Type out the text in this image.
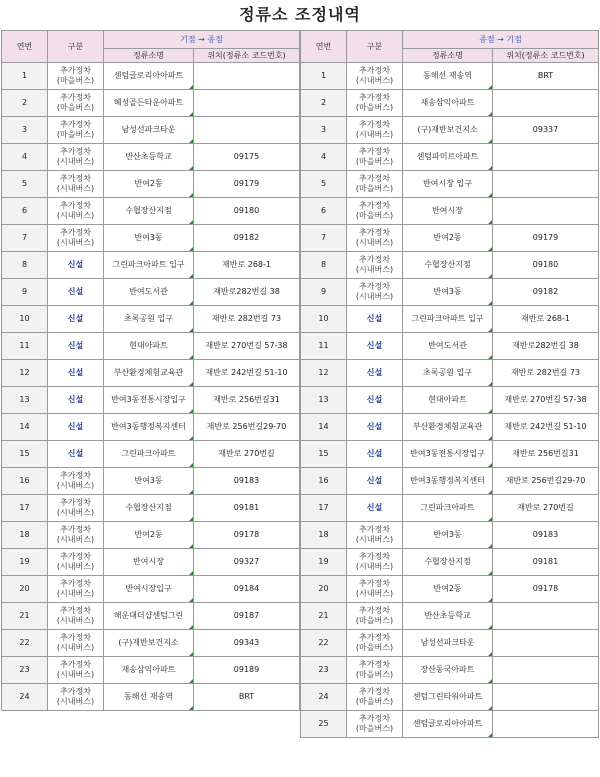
정류소 조정내역
연번	구분	기점 → 종점	
		정류소명	위치(정류소 코드번호)
1	추가정차
(마을버스)	센텀글로리아아파트

2	추가정차
(마을버스)	혜성골든타운아파트

3	추가정차
(마을버스)	남성선파크타운

4	추가정차
(시내버스)	반산초등학교	09175
5	추가정차
(시내버스)	반여2동	09179
6	추가정차
(시내버스)	수협장산지점	09180
7	추가정차
(시내버스)	반여3동	09182
8	신설	그린파크아파트 입구	재반로 268-1
9	신설	반여도서관	재반로282번길 38
10	신설	초록공원 입구	재반로 282번길 73
11	신설	현대아파트	재반로 270번길 57-38
12	신설	부산환경체험교육관	재반로 242번길 51-10
13	신설	반여3동전통시장입구	재반로 256번길31
14	신설	반여3동행정복지센터	재반로 256번길29-70
15	신설	그린파크아파트	재반로 270번길
16	추가정차
(시내버스)	반여3동	09183
17	추가정차
(시내버스)	수협장산지점	09181
18	추가정차
(시내버스)	반여2동	09178
19	추가정차
(시내버스)	반여시장	09327
20	추가정차
(시내버스)	반여시장입구	09184
21	추가정차
(시내버스)	해운대더샵센텀그린	09187
22	추가정차
(시내버스)	(구)재반보건지소	09343
23	추가정차
(시내버스)	재송삼익아파트	09189
24	추가정차
(시내버스)	동해선 재송역	BRT
연번	구분	종점 → 기점	
		정류소명	위치(정류소 코드번호)
1	추가정차
(시내버스)	동해선 재송역	BRT
2	추가정차
(마을버스)	재송삼익아파트

3	추가정차
(시내버스)	(구)재반보건지소	09337
4	추가정차
(마을버스)	센텀파미르아파트

5	추가정차
(마을버스)	반여시장 입구

6	추가정차
(마을버스)	반여시장

7	추가정차
(시내버스)	반여2동	09179
8	추가정차
(시내버스)	수협장산지점	09180
9	추가정차
(시내버스)	반여3동	09182
10	신설	그린파크아파트 입구	재반로 268-1
11	신설	반여도서관	재반로282번길 38
12	신설	초록공원 입구	재반로 282번길 73
13	신설	현대아파트	재반로 270번길 57-38
14	신설	부산환경체험교육관	재반로 242번길 51-10
15	신설	반여3동전통시장입구	재반로 256번길31
16	신설	반여3동행정복지센터	재반로 256번길29-70
17	신설	그린파크아파트	재반로 270번길
18	추가정차
(시내버스)	반여3동	09183
19	추가정차
(시내버스)	수협장산지점	09181
20	추가정차
(시내버스)	반여2동	09178
21	추가정차
(마을버스)	반산초등학교

22	추가정차
(마을버스)	남성선파크타운

23	추가정차
(마을버스)	장산동국아파트

24	추가정차
(마을버스)	센텀그린타워아파트

25	추가정차
(마을버스)	센텀글로리아아파트
